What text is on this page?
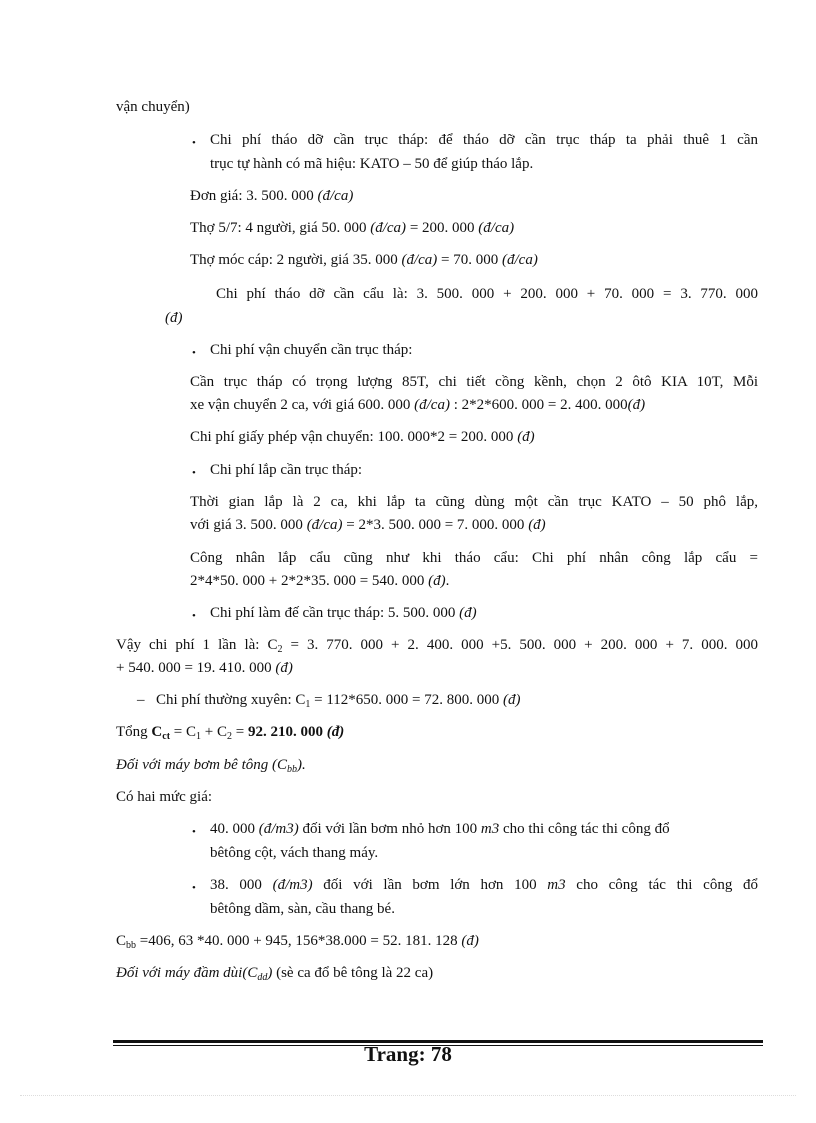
vận chuyển)
• Chi phí tháo dỡ cần trục tháp: để tháo dỡ cần trục tháp ta phải thuê 1 cần
trục tự hành có mã hiệu: KATO – 50 để giúp tháo lắp.
Đơn giá: 3. 500. 000 (đ/ca)
Thợ 5/7: 4 người, giá 50. 000 (đ/ca) = 200. 000 (đ/ca)
Thợ móc cáp: 2 người, giá 35. 000 (đ/ca) = 70. 000 (đ/ca)
Chi phí tháo dỡ cần cẩu là: 3. 500. 000 + 200. 000 + 70. 000 = 3. 770. 000
(đ)
• Chi phí vận chuyển cần trục tháp:
Cần trục tháp có trọng lượng 85T, chi tiết cồng kềnh, chọn 2 ôtô KIA 10T, Mỗi
xe vận chuyển 2 ca, với giá 600. 000 (đ/ca) : 2*2*600. 000 = 2. 400. 000(đ)
Chi phí giấy phép vận chuyển: 100. 000*2 = 200. 000 (đ)
• Chi phí lắp cần trục tháp:
Thời gian lắp là 2 ca, khi lắp ta cũng dùng một cần trục KATO – 50 phô lắp,
với giá 3. 500. 000 (đ/ca) = 2*3. 500. 000 = 7. 000. 000 (đ)
Công nhân lắp cẩu cũng như khi tháo cẩu: Chi phí nhân công lắp cẩu =
2*4*50. 000 + 2*2*35. 000 = 540. 000 (đ).
• Chi phí làm đế cần trục tháp: 5. 500. 000 (đ)
Vậy chi phí 1 lần là: $C_2 = 3$. 770. 000 + 2. 400. 000 +5. 500. 000 + 200. 000 + 7. 000. 000
+ 540. 000 = 19. 410. 000 (đ)
– Chi phí thường xuyên: $C_1 = 112*650$. 000 = 72. 800. 000 (đ)
Tổng $C_{ct} = C_1 + C_2 = 92$. 210. 000 (đ)
Đối với máy bơm bê tông $(C_{bb})$.
Có hai mức giá:
• 40. 000 (đ/m3) đối với lần bơm nhỏ hơn 100 m3 cho thi công tác thi công đổ
bêtông cột, vách thang máy.
• 38. 000 (đ/m3) đối với lần bơm lớn hơn 100 m3 cho công tác thi công đổ
bêtông dầm, sàn, cầu thang bé.
$C_{bb} =406$, 63 *40. 000 + 945, 156*38.000 = 52. 181. 128 (đ)
Đối với máy đầm $dùi(C_{dd})$ (sè ca đổ bê tông là 22 ca)
Trang: 78
